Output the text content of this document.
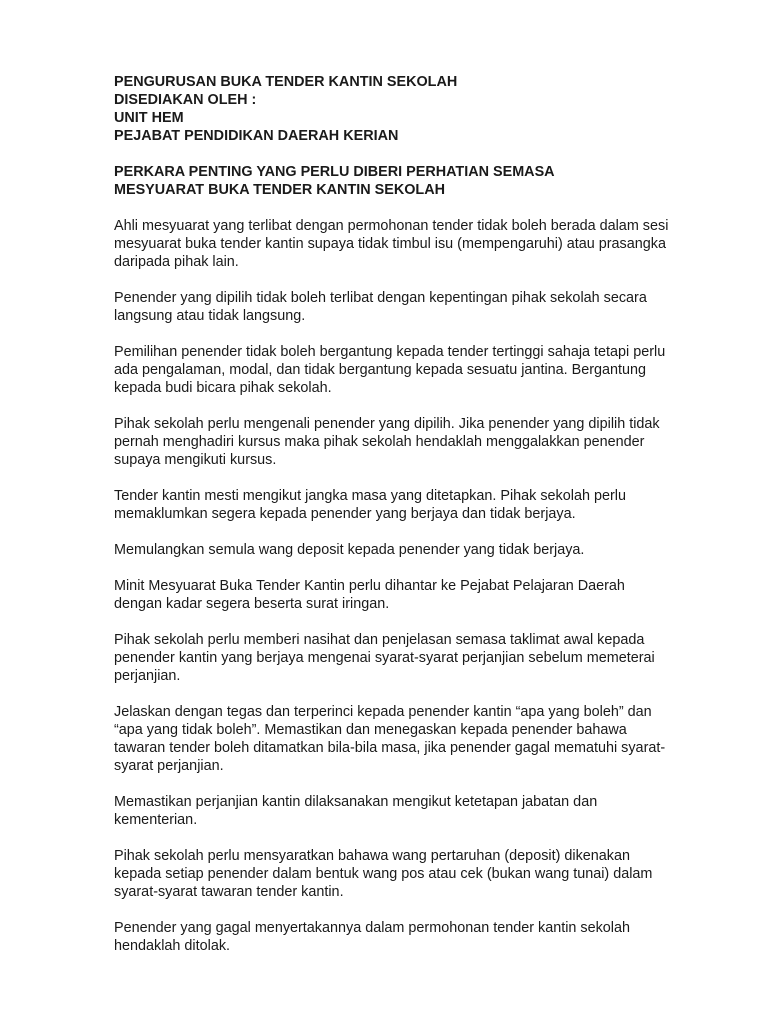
PENGURUSAN BUKA TENDER KANTIN SEKOLAH

DISEDIAKAN OLEH :

UNIT HEM

PEJABAT PENDIDIKAN DAERAH KERIAN

PERKARA PENTING YANG PERLU DIBERI PERHATIAN SEMASA

MESYUARAT BUKA TENDER KANTIN SEKOLAH

Ahli mesyuarat yang terlibat dengan permohonan tender tidak boleh berada dalam sesi mesyuarat buka tender kantin supaya tidak timbul isu (mempengaruhi) atau prasangka daripada pihak lain.

Penender yang dipilih tidak boleh terlibat dengan kepentingan pihak sekolah secara langsung atau tidak langsung.

Pemilihan penender tidak boleh bergantung kepada tender tertinggi sahaja tetapi perlu ada pengalaman, modal, dan tidak bergantung kepada sesuatu jantina. Bergantung kepada budi bicara pihak sekolah.

Pihak sekolah perlu mengenali penender yang dipilih. Jika penender yang dipilih tidak pernah menghadiri kursus maka pihak sekolah hendaklah menggalakkan penender supaya mengikuti kursus.

Tender kantin mesti mengikut jangka masa yang ditetapkan. Pihak sekolah perlu memaklumkan segera kepada penender yang berjaya dan tidak berjaya.

Memulangkan semula wang deposit kepada penender yang tidak berjaya.

Minit Mesyuarat Buka Tender Kantin perlu dihantar ke Pejabat Pelajaran Daerah dengan kadar segera beserta surat iringan.

Pihak sekolah perlu memberi nasihat dan penjelasan semasa taklimat awal kepada penender kantin yang berjaya mengenai syarat-syarat perjanjian sebelum memeterai perjanjian.

Jelaskan dengan tegas dan terperinci kepada penender kantin “apa yang boleh” dan “apa yang tidak boleh”. Memastikan dan menegaskan kepada penender bahawa tawaran tender boleh ditamatkan bila-bila masa, jika penender gagal mematuhi syarat-syarat perjanjian.

Memastikan perjanjian kantin dilaksanakan mengikut ketetapan jabatan dan kementerian.

Pihak sekolah perlu mensyaratkan bahawa wang pertaruhan (deposit) dikenakan kepada setiap penender dalam bentuk wang pos atau cek (bukan wang tunai) dalam syarat-syarat tawaran tender kantin.

Penender yang gagal menyertakannya dalam permohonan tender kantin sekolah hendaklah ditolak.
